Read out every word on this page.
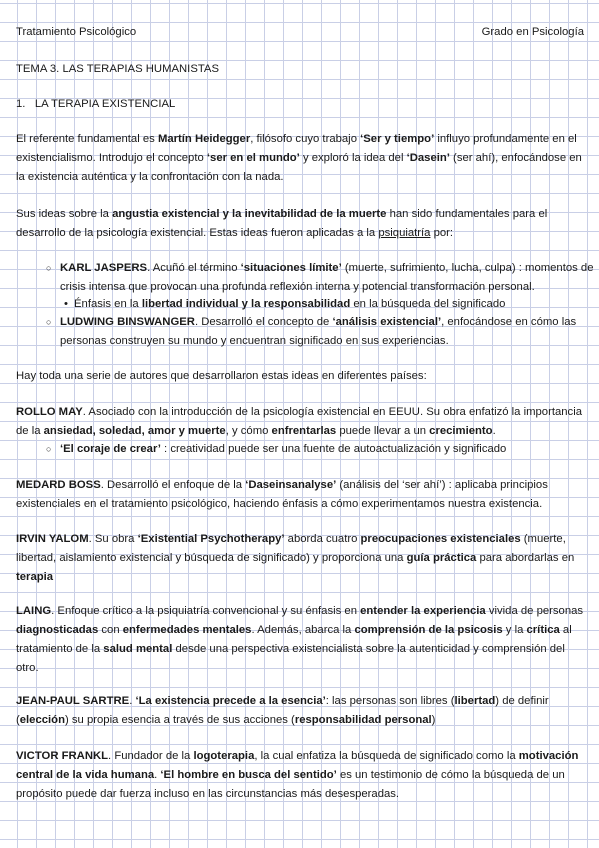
Tratamiento Psicológico	Grado en Psicología
TEMA 3. LAS TERAPIAS HUMANISTAS
1. LA TERAPIA EXISTENCIAL
El referente fundamental es Martín Heidegger, filósofo cuyo trabajo ‘Ser y tiempo’ influyo profundamente en el existencialismo. Introdujo el concepto ‘ser en el mundo’ y exploró la idea del ‘Dasein’ (ser ahí), enfocándose en la existencia auténtica y la confrontación con la nada.
Sus ideas sobre la angustia existencial y la inevitabilidad de la muerte han sido fundamentales para el desarrollo de la psicología existencial. Estas ideas fueron aplicadas a la psiquiatría por:
○ KARL JASPERS. Acuñó el término ‘situaciones límite’ (muerte, sufrimiento, lucha, culpa) : momentos de crisis intensa que provocan una profunda reflexión interna y potencial transformación personal.
• Énfasis en la libertad individual y la responsabilidad en la búsqueda del significado
○ LUDWING BINSWANGER. Desarrolló el concepto de ‘análisis existencial’, enfocándose en cómo las personas construyen su mundo y encuentran significado en sus experiencias.
Hay toda una serie de autores que desarrollaron estas ideas en diferentes países:
ROLLO MAY. Asociado con la introducción de la psicología existencial en EEUU. Su obra enfatizó la importancia de la ansiedad, soledad, amor y muerte, y cómo enfrentarlas puede llevar a un crecimiento.
○ ‘El coraje de crear’ : creatividad puede ser una fuente de autoactualización y significado
MEDARD BOSS. Desarrolló el enfoque de la ‘Daseinsanalyse’ (análisis del ‘ser ahí’) : aplicaba principios existenciales en el tratamiento psicológico, haciendo énfasis a cómo experimentamos nuestra existencia.
IRVIN YALOM. Su obra ‘Existential Psychotherapy’ aborda cuatro preocupaciones existenciales (muerte, libertad, aislamiento existencial y búsqueda de significado) y proporciona una guía práctica para abordarlas en terapia
LAING. Enfoque crítico a la psiquiatría convencional y su énfasis en entender la experiencia vivida de personas diagnosticadas con enfermedades mentales. Además, abarca la comprensión de la psicosis y la crítica al tratamiento de la salud mental desde una perspectiva existencialista sobre la autenticidad y comprensión del otro.
JEAN-PAUL SARTRE. ‘La existencia precede a la esencia’: las personas son libres (libertad) de definir (elección) su propia esencia a través de sus acciones (responsabilidad personal)
VICTOR FRANKL. Fundador de la logoterapia, la cual enfatiza la búsqueda de significado como la motivación central de la vida humana. ‘El hombre en busca del sentido’ es un testimonio de cómo la búsqueda de un propósito puede dar fuerza incluso en las circunstancias más desesperadas.
